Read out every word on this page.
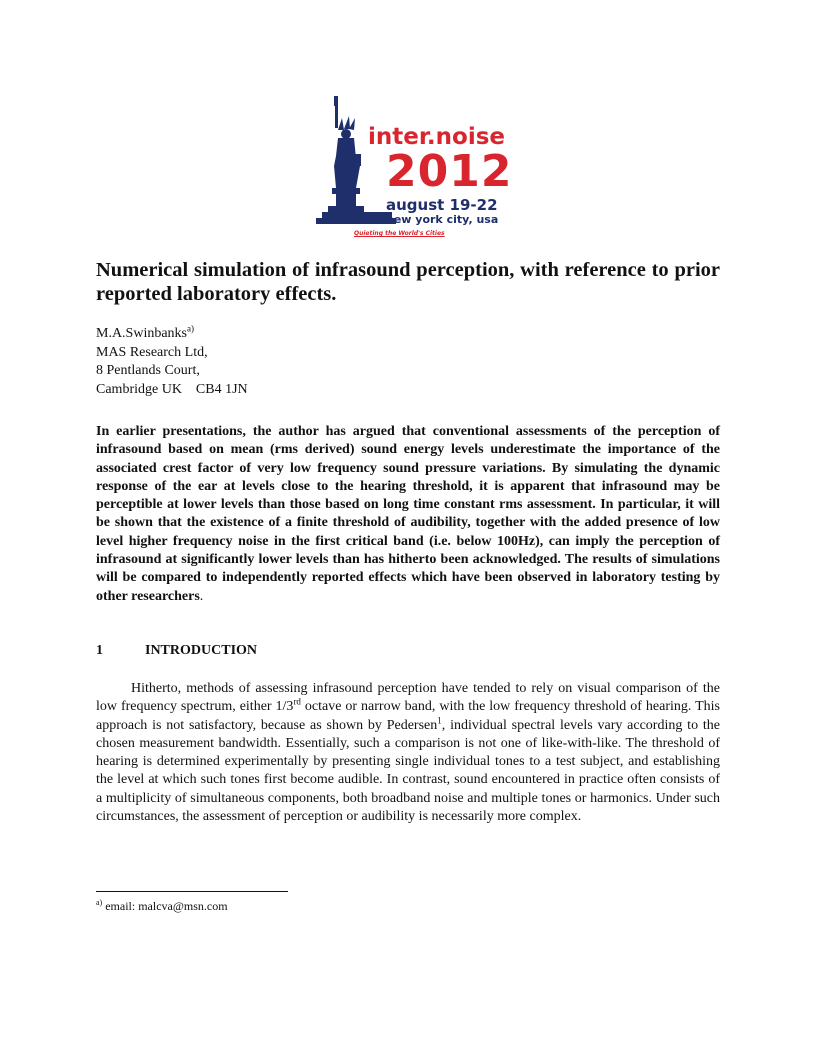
inter.noise
2012
august 19-22
new york city, usa
Quieting the World's Cities
Numerical simulation of infrasound perception, with reference to prior reported laboratory effects.
M.A.Swinbanks$^{a)}$
MAS Research Ltd,
8 Pentlands Court,
Cambridge UK    CB4 1JN

In earlier presentations, the author has argued that conventional assessments of the perception of infrasound based on mean (rms derived) sound energy levels underestimate the importance of the associated crest factor of very low frequency sound pressure variations. By simulating the dynamic response of the ear at levels close to the hearing threshold, it is apparent that infrasound may be perceptible at lower levels than those based on long time constant rms assessment. In particular, it will be shown that the existence of a finite threshold of audibility, together with the added presence of low level higher frequency noise in the first critical band (i.e. below 100Hz), can imply the perception of infrasound at significantly lower levels than has hitherto been acknowledged. The results of simulations will be compared to independently reported effects which have been observed in laboratory testing by other researchers.

1	INTRODUCTION

Hitherto, methods of assessing infrasound perception have tended to rely on visual comparison of the low frequency spectrum, either 1/3rd octave or narrow band, with the low frequency threshold of hearing. This approach is not satisfactory, because as shown by Pedersen$^1$, individual spectral levels vary according to the chosen measurement bandwidth. Essentially, such a comparison is not one of like-with-like. The threshold of hearing is determined experimentally by presenting single individual tones to a test subject, and establishing the level at which such tones first become audible. In contrast, sound encountered in practice often consists of a multiplicity of simultaneous components, both broadband noise and multiple tones or harmonics. Under such circumstances, the assessment of perception or audibility is necessarily more complex.

$^{a)}$ email: malcva@msn.com
